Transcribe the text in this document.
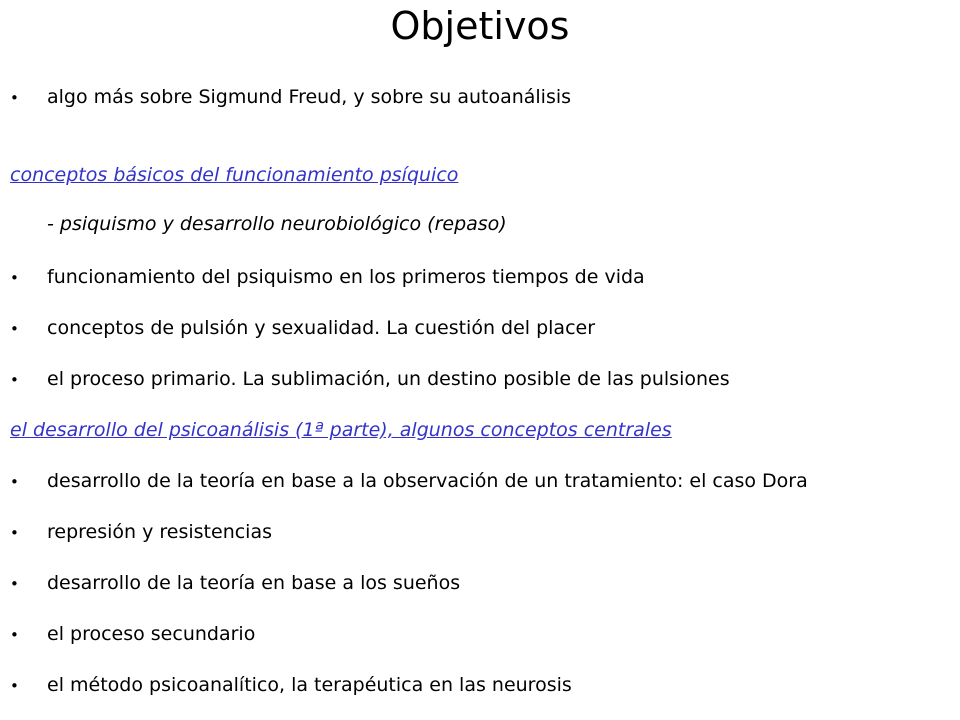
Objetivos
• algo más sobre Sigmund Freud, y sobre su autoanálisis
conceptos básicos del funcionamiento psíquico
- psiquismo y desarrollo neurobiológico (repaso)
• funcionamiento del psiquismo en los primeros tiempos de vida
• conceptos de pulsión y sexualidad. La cuestión del placer
• el proceso primario. La sublimación, un destino posible de las pulsiones
el desarrollo del psicoanálisis (1ª parte), algunos conceptos centrales
• desarrollo de la teoría en base a la observación de un tratamiento: el caso Dora
• represión y resistencias
• desarrollo de la teoría en base a los sueños
• el proceso secundario
• el método psicoanalítico, la terapéutica en las neurosis
